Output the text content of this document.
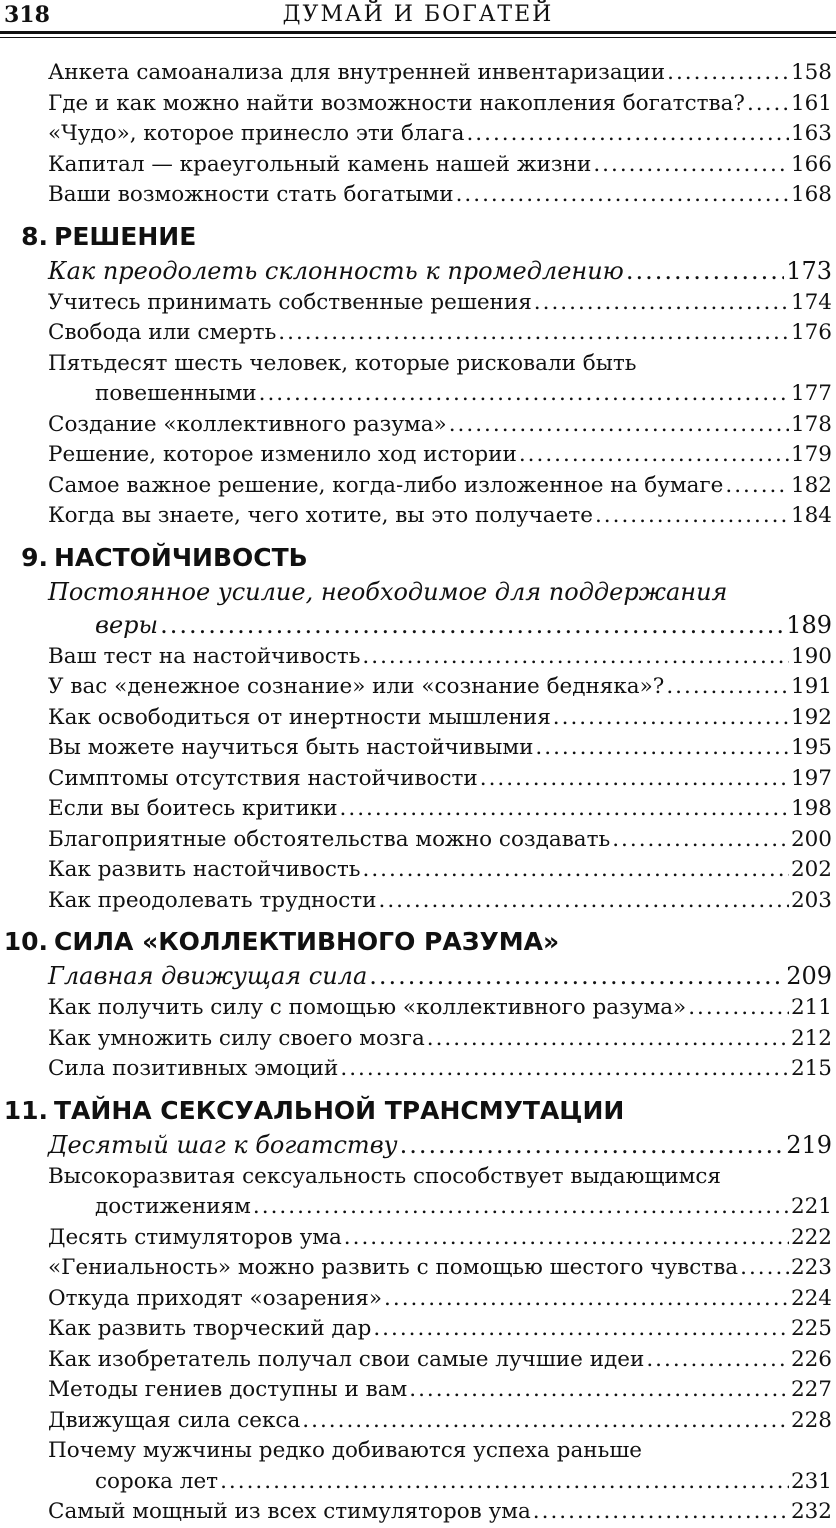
318	ДУМАЙ И БОГАТЕЙ
Анкета самоанализа для внутренней инвентаризации .....	158
Где и как можно найти возможности накопления богатства? ..... 161
«Чудо», которое принесло эти блага .....	163
Капитал — краеугольный камень нашей жизни .....	166
Ваши возможности стать богатыми .....	168
8. РЕШЕНИЕ
Как преодолеть склонность к промедлению .....	173
Учитесь принимать собственные решения .....	174
Свобода или смерть .....	176
Пятьдесят шесть человек, которые рисковали быть
повешенными .....	177
Создание «коллективного разума» .....	178
Решение, которое изменило ход истории .....	179
Самое важное решение, когда-либо изложенное на бумаге .....	182
Когда вы знаете, чего хотите, вы это получаете .....	184
9. НАСТОЙЧИВОСТЬ
Постоянное усилие, необходимое для поддержания
веры .....	189
Ваш тест на настойчивость .....	190
У вас «денежное сознание» или «сознание бедняка»? .....	191
Как освободиться от инертности мышления .....	192
Вы можете научиться быть настойчивыми .....	195
Симптомы отсутствия настойчивости .....	197
Если вы боитесь критики .....	198
Благоприятные обстоятельства можно создавать .....	200
Как развить настойчивость .....	202
Как преодолевать трудности .....	203
10. СИЛА «КОЛЛЕКТИВНОГО РАЗУМА»
Главная движущая сила .....	209
Как получить силу с помощью «коллективного разума» .....	211
Как умножить силу своего мозга .....	212
Сила позитивных эмоций .....	215
11. ТАЙНА СЕКСУАЛЬНОЙ ТРАНСМУТАЦИИ
Десятый шаг к богатству .....	219
Высокоразвитая сексуальность способствует выдающимся
достижениям .....	221
Десять стимуляторов ума .....	222
«Гениальность» можно развить с помощью шестого чувства ..... 223
Откуда приходят «озарения» .....	224
Как развить творческий дар .....	225
Как изобретатель получал свои самые лучшие идеи .....	226
Методы гениев доступны и вам .....	227
Движущая сила секса .....	228
Почему мужчины редко добиваются успеха раньше
сорока лет .....	231
Самый мощный из всех стимуляторов ума .....	232
